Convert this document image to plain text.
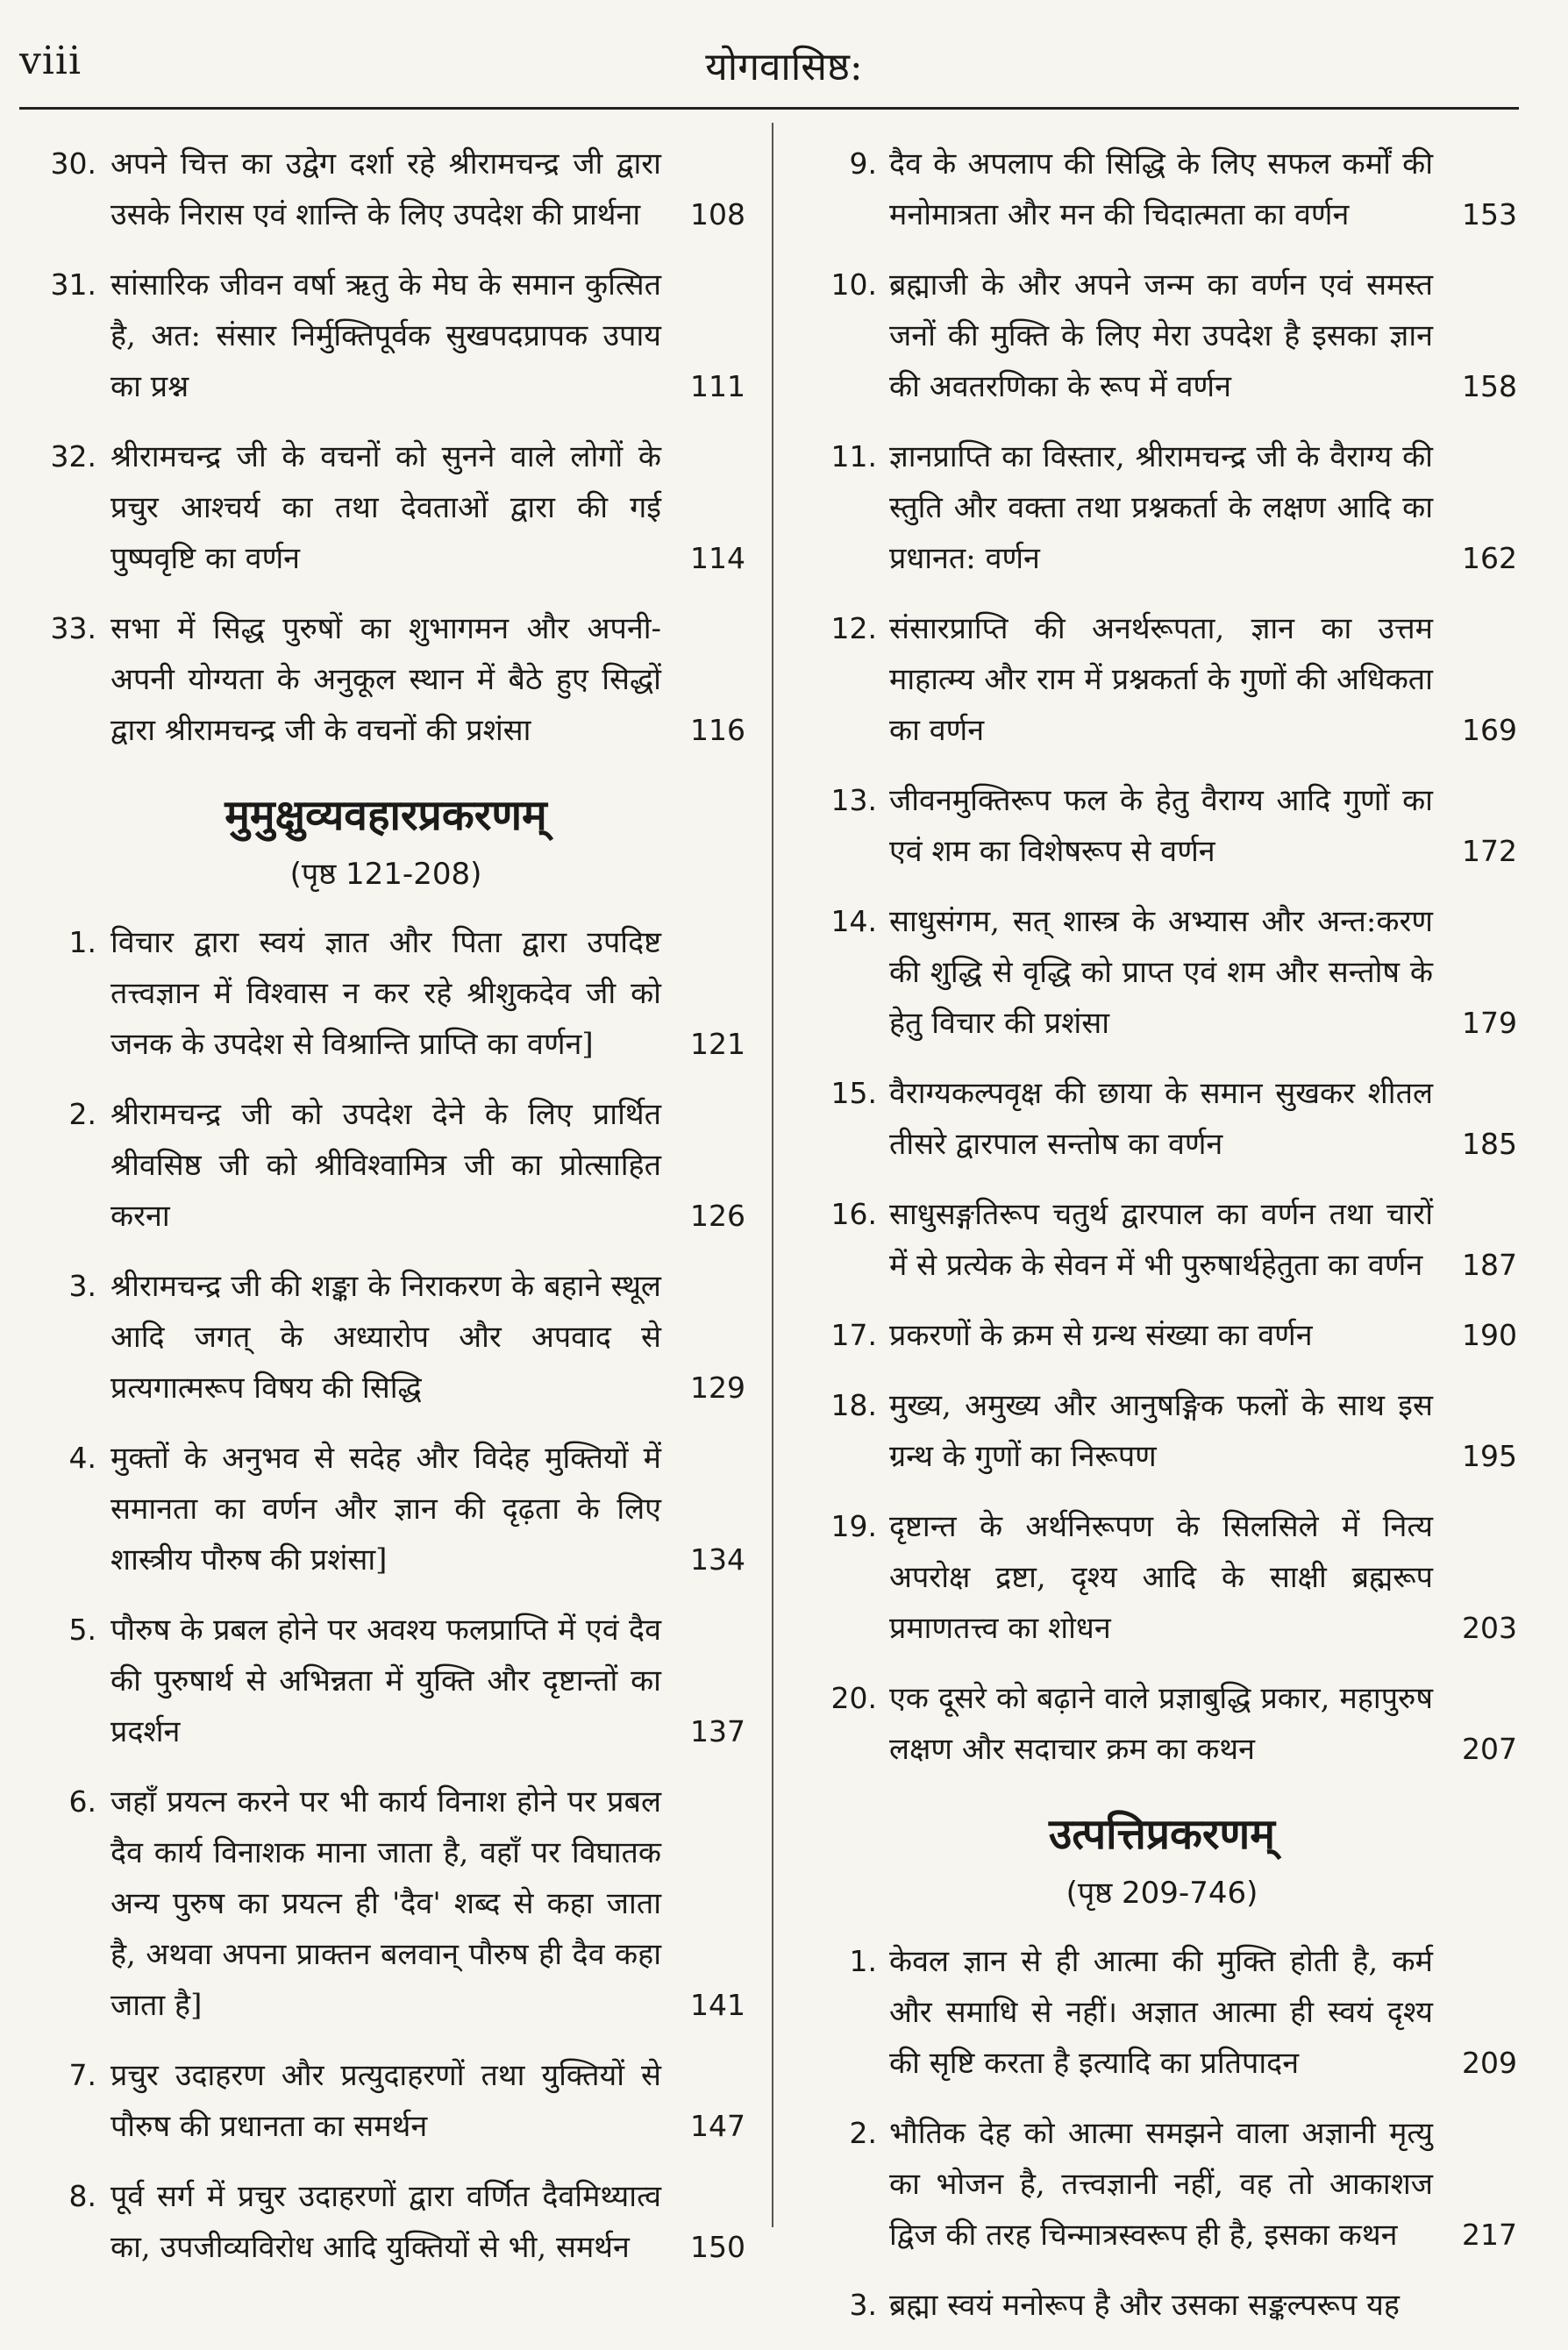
viii	योगवासिष्ठ:
30. अपने चित्त का उद्वेग दर्शा रहे श्रीरामचन्द्र जी द्वारा उसके निरास एवं शान्ति के लिए उपदेश की प्रार्थना	108
31. सांसारिक जीवन वर्षा ऋतु के मेघ के समान कुत्सित है, अत: संसार निर्मुक्तिपूर्वक सुखपदप्रापक उपाय का प्रश्न	111
32. श्रीरामचन्द्र जी के वचनों को सुनने वाले लोगों के प्रचुर आश्चर्य का तथा देवताओं द्वारा की गई पुष्पवृष्टि का वर्णन	114
33. सभा में सिद्ध पुरुषों का शुभागमन और अपनी-अपनी योग्यता के अनुकूल स्थान में बैठे हुए सिद्धों द्वारा श्रीरामचन्द्र जी के वचनों की प्रशंसा	116
मुमुक्षुव्यवहारप्रकरणम्
(पृष्ठ 121-208)
1. विचार द्वारा स्वयं ज्ञात और पिता द्वारा उपदिष्ट तत्त्वज्ञान में विश्वास न कर रहे श्रीशुकदेव जी को जनक के उपदेश से विश्रान्ति प्राप्ति का वर्णन]	121
2. श्रीरामचन्द्र जी को उपदेश देने के लिए प्रार्थित श्रीवसिष्ठ जी को श्रीविश्वामित्र जी का प्रोत्साहित करना	126
3. श्रीरामचन्द्र जी की शङ्का के निराकरण के बहाने स्थूल आदि जगत् के अध्यारोप और अपवाद से प्रत्यगात्मरूप विषय की सिद्धि	129
4. मुक्तों के अनुभव से सदेह और विदेह मुक्तियों में समानता का वर्णन और ज्ञान की दृढ़ता के लिए शास्त्रीय पौरुष की प्रशंसा]	134
5. पौरुष के प्रबल होने पर अवश्य फलप्राप्ति में एवं दैव की पुरुषार्थ से अभिन्नता में युक्ति और दृष्टान्तों का प्रदर्शन	137
6. जहाँ प्रयत्न करने पर भी कार्य विनाश होने पर प्रबल दैव कार्य विनाशक माना जाता है, वहाँ पर विघातक अन्य पुरुष का प्रयत्न ही 'दैव' शब्द से कहा जाता है, अथवा अपना प्राक्तन बलवान् पौरुष ही दैव कहा जाता है]	141
7. प्रचुर उदाहरण और प्रत्युदाहरणों तथा युक्तियों से पौरुष की प्रधानता का समर्थन	147
8. पूर्व सर्ग में प्रचुर उदाहरणों द्वारा वर्णित दैवमिथ्यात्व का, उपजीव्यविरोध आदि युक्तियों से भी, समर्थन	150
9. दैव के अपलाप की सिद्धि के लिए सफल कर्मों की मनोमात्रता और मन की चिदात्मता का वर्णन	153
10. ब्रह्माजी के और अपने जन्म का वर्णन एवं समस्त जनों की मुक्ति के लिए मेरा उपदेश है इसका ज्ञान की अवतरणिका के रूप में वर्णन	158
11. ज्ञानप्राप्ति का विस्तार, श्रीरामचन्द्र जी के वैराग्य की स्तुति और वक्ता तथा प्रश्नकर्ता के लक्षण आदि का प्रधानत: वर्णन	162
12. संसारप्राप्ति की अनर्थरूपता, ज्ञान का उत्तम माहात्म्य और राम में प्रश्नकर्ता के गुणों की अधिकता का वर्णन	169
13. जीवनमुक्तिरूप फल के हेतु वैराग्य आदि गुणों का एवं शम का विशेषरूप से वर्णन	172
14. साधुसंगम, सत् शास्त्र के अभ्यास और अन्त:करण की शुद्धि से वृद्धि को प्राप्त एवं शम और सन्तोष के हेतु विचार की प्रशंसा	179
15. वैराग्यकल्पवृक्ष की छाया के समान सुखकर शीतल तीसरे द्वारपाल सन्तोष का वर्णन	185
16. साधुसङ्गतिरूप चतुर्थ द्वारपाल का वर्णन तथा चारों में से प्रत्येक के सेवन में भी पुरुषार्थहेतुता का वर्णन	187
17. प्रकरणों के क्रम से ग्रन्थ संख्या का वर्णन	190
18. मुख्य, अमुख्य और आनुषङ्गिक फलों के साथ इस ग्रन्थ के गुणों का निरूपण	195
19. दृष्टान्त के अर्थनिरूपण के सिलसिले में नित्य अपरोक्ष द्रष्टा, दृश्य आदि के साक्षी ब्रह्मरूप प्रमाणतत्त्व का शोधन	203
20. एक दूसरे को बढ़ाने वाले प्रज्ञाबुद्धि प्रकार, महापुरुष लक्षण और सदाचार क्रम का कथन	207
उत्पत्तिप्रकरणम्
(पृष्ठ 209-746)
1. केवल ज्ञान से ही आत्मा की मुक्ति होती है, कर्म और समाधि से नहीं। अज्ञात आत्मा ही स्वयं दृश्य की सृष्टि करता है इत्यादि का प्रतिपादन	209
2. भौतिक देह को आत्मा समझने वाला अज्ञानी मृत्यु का भोजन है, तत्त्वज्ञानी नहीं, वह तो आकाशज द्विज की तरह चिन्मात्रस्वरूप ही है, इसका कथन	217
3. ब्रह्मा स्वयं मनोरूप है और उसका सङ्कल्परूप यह
